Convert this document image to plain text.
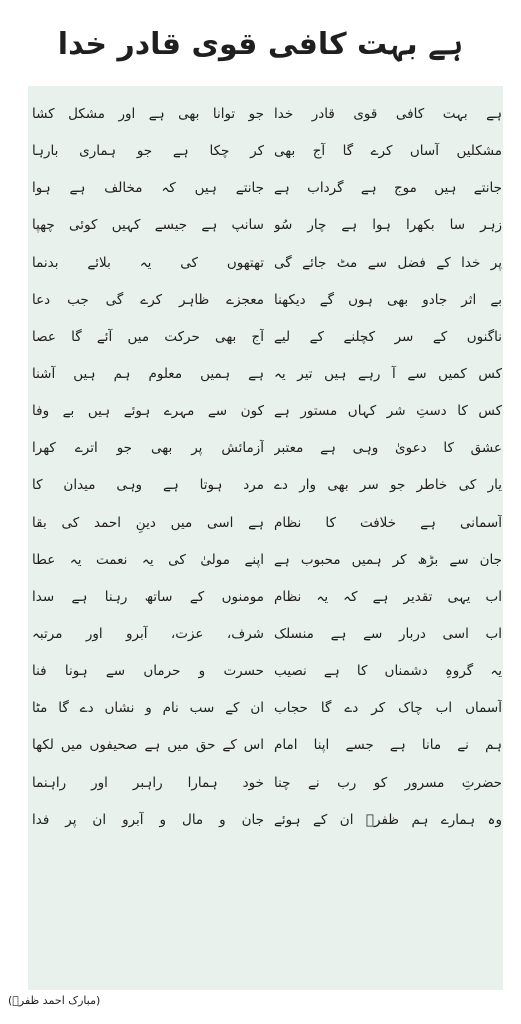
ہے بہت کافی قوی قادر خدا
ہے بہت کافی قوی قادر خدا
مشکلیں آساں کرے گا آج بھی
جانتے ہیں موج ہے گرداب ہے
زہر سا بکھرا ہوا ہے چار سُو
پر خدا کے فضل سے مٹ جائے گی
بے اثر جادو بھی ہوں گے دیکھنا
ناگنوں کے سر کچلنے کے لیے
کس کمیں سے آ رہے ہیں تیر یہ
کس کا دستِ شر کہاں مستور ہے
عشق کا دعویٰ وہی ہے معتبر
یار کی خاطر جو سر بھی وار دے
آسمانی ہے خلافت کا نظام
جان سے بڑھ کر ہمیں محبوب ہے
اب یہی تقدیر ہے کہ یہ نظام
اب اسی دربار سے ہے منسلک
یہ گروہِ دشمناں کا ہے نصیب
آسماں اب چاک کر دے گا حجاب
ہم نے مانا ہے جسے اپنا امام
حضرتِ مسرور کو رب نے چنا
وہ ہمارے ہم ظفرؔ ان کے ہوئے
جو توانا بھی ہے اور مشکل کشا
کر چکا ہے جو ہماری بارہا
جانتے ہیں کہ مخالف ہے ہوا
سانپ ہے جیسے کہیں کوئی چھپا
تھتھوں کی یہ بلائے بدنما
معجزے ظاہر کرے گی جب دعا
آج بھی حرکت میں آئے گا عصا
ہے ہمیں معلوم ہم ہیں آشنا
کون سے مہرے ہوئے ہیں بے وفا
آزمائش پر بھی جو اترے کھرا
مرد ہوتا ہے وہی میدان کا
ہے اسی میں دینِ احمد کی بقا
اپنے مولیٰ کی یہ نعمت یہ عطا
مومنوں کے ساتھ رہنا ہے سدا
شرف، عزت، آبرو اور مرتبہ
حسرت و حرماں سے ہونا فنا
ان کے سب نام و نشاں دے گا مٹا
اس کے حق میں ہے صحیفوں میں لکھا
خود ہمارا راہبر اور راہنما
جان و مال و آبرو ان پر فدا
(مبارک احمد ظفرؔ)
